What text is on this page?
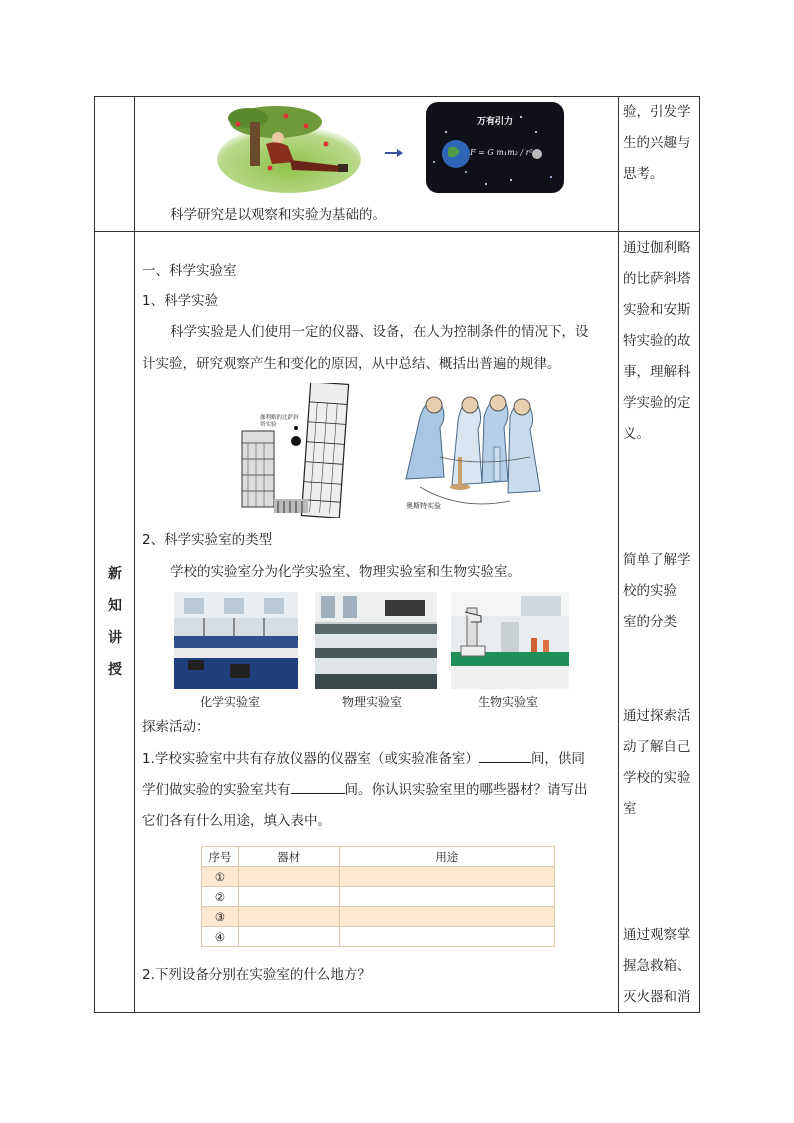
万有引力
F = G m₁m₂ / r²
科学研究是以观察和实验为基础的。
验，引发学
生的兴趣与
思考。
新
知
讲
授
一、科学实验室
1、科学实验
科学实验是人们使用一定的仪器、设备，在人为控制条件的情况下，设
计实验，研究观察产生和变化的原因，从中总结、概括出普遍的规律。
伽利略的比萨斜塔实验
奥斯特实验
2、科学实验室的类型
学校的实验室分为化学实验室、物理实验室和生物实验室。
化学实验室	物理实验室	生物实验室
探索活动：
1.学校实验室中共有存放仪器的仪器室（或实验准备室）	间，供同
学们做实验的实验室共有	间。你认识实验室里的哪些器材？请写出
它们各有什么用途，填入表中。
序号	器材	用途
①		
②		
③		
④		
2.下列设备分别在实验室的什么地方？
通过伽利略
的比萨斜塔
实验和安斯
特实验的故
事，理解科
学实验的定
义。
简单了解学
校的实验
室的分类
通过探索活
动了解自己
学校的实验
室
通过观察掌
握急救箱、
灭火器和消
